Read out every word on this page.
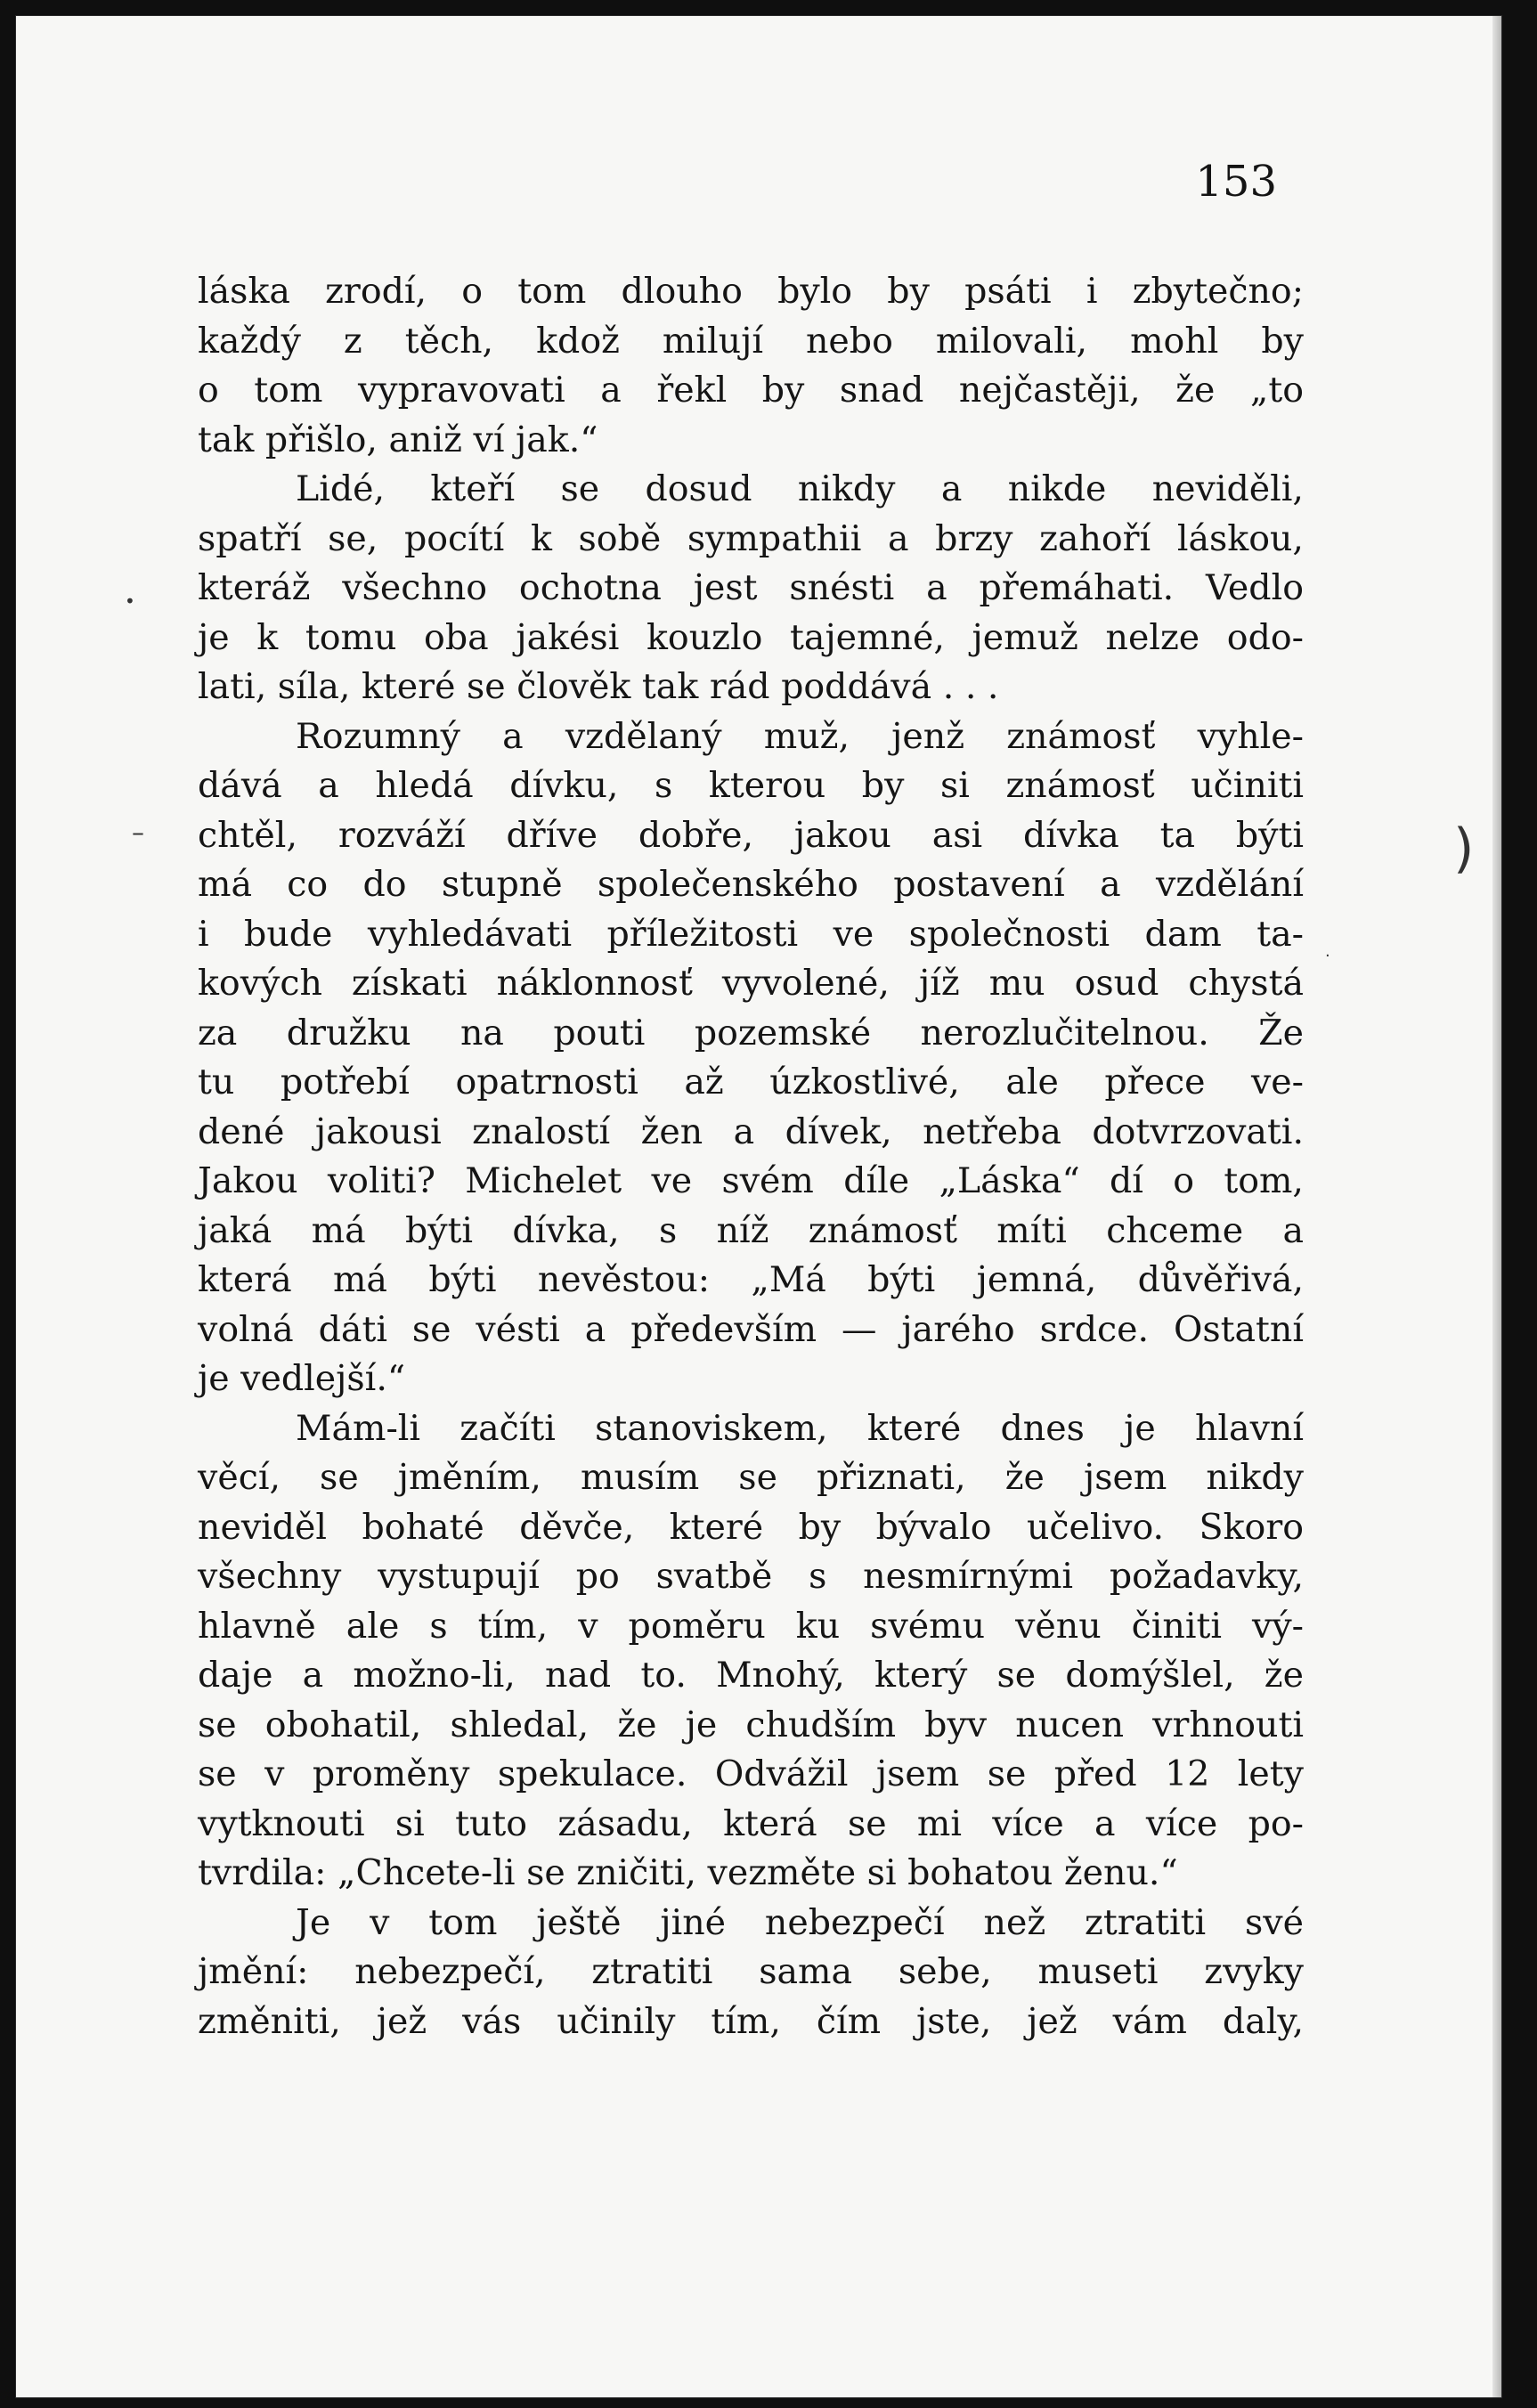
153
láska zrodí, o tom dlouho bylo by psáti i zbytečno;
každý z těch, kdož milují nebo milovali, mohl by
o tom vypravovati a řekl by snad nejčastěji, že „to
tak přišlo, aniž ví jak.“
Lidé, kteří se dosud nikdy a nikde neviděli,
spatří se, pocítí k sobě sympathii a brzy zahoří láskou,
kteráž všechno ochotna jest snésti a přemáhati. Vedlo
je k tomu oba jakési kouzlo tajemné, jemuž nelze odo-
lati, síla, které se člověk tak rád poddává . . .
Rozumný a vzdělaný muž, jenž známosť vyhle-
dává a hledá dívku, s kterou by si známosť učiniti
chtěl, rozváží dříve dobře, jakou asi dívka ta býti
má co do stupně společenského postavení a vzdělání
i bude vyhledávati příležitosti ve společnosti dam ta-
kových získati náklonnosť vyvolené, jíž mu osud chystá
za družku na pouti pozemské nerozlučitelnou. Že
tu potřebí opatrnosti až úzkostlivé, ale přece ve-
dené jakousi znalostí žen a dívek, netřeba dotvrzovati.
Jakou voliti? Michelet ve svém díle „Láska“ dí o tom,
jaká má býti dívka, s níž známosť míti chceme a
která má býti nevěstou: „Má býti jemná, důvěřivá,
volná dáti se vésti a především — jarého srdce. Ostatní
je vedlejší.“
Mám-li začíti stanoviskem, které dnes je hlavní
věcí, se jměním, musím se přiznati, že jsem nikdy
neviděl bohaté děvče, které by bývalo učelivo. Skoro
všechny vystupují po svatbě s nesmírnými požadavky,
hlavně ale s tím, v poměru ku svému věnu činiti vý-
daje a možno-li, nad to. Mnohý, který se domýšlel, že
se obohatil, shledal, že je chudším byv nucen vrhnouti
se v proměny spekulace. Odvážil jsem se před 12 lety
vytknouti si tuto zásadu, která se mi více a více po-
tvrdila: „Chcete-li se zničiti, vezměte si bohatou ženu.“
Je v tom ještě jiné nebezpečí než ztratiti své
jmění: nebezpečí, ztratiti sama sebe, museti zvyky
změniti, jež vás učinily tím, čím jste, jež vám daly,
•
–	)
·
